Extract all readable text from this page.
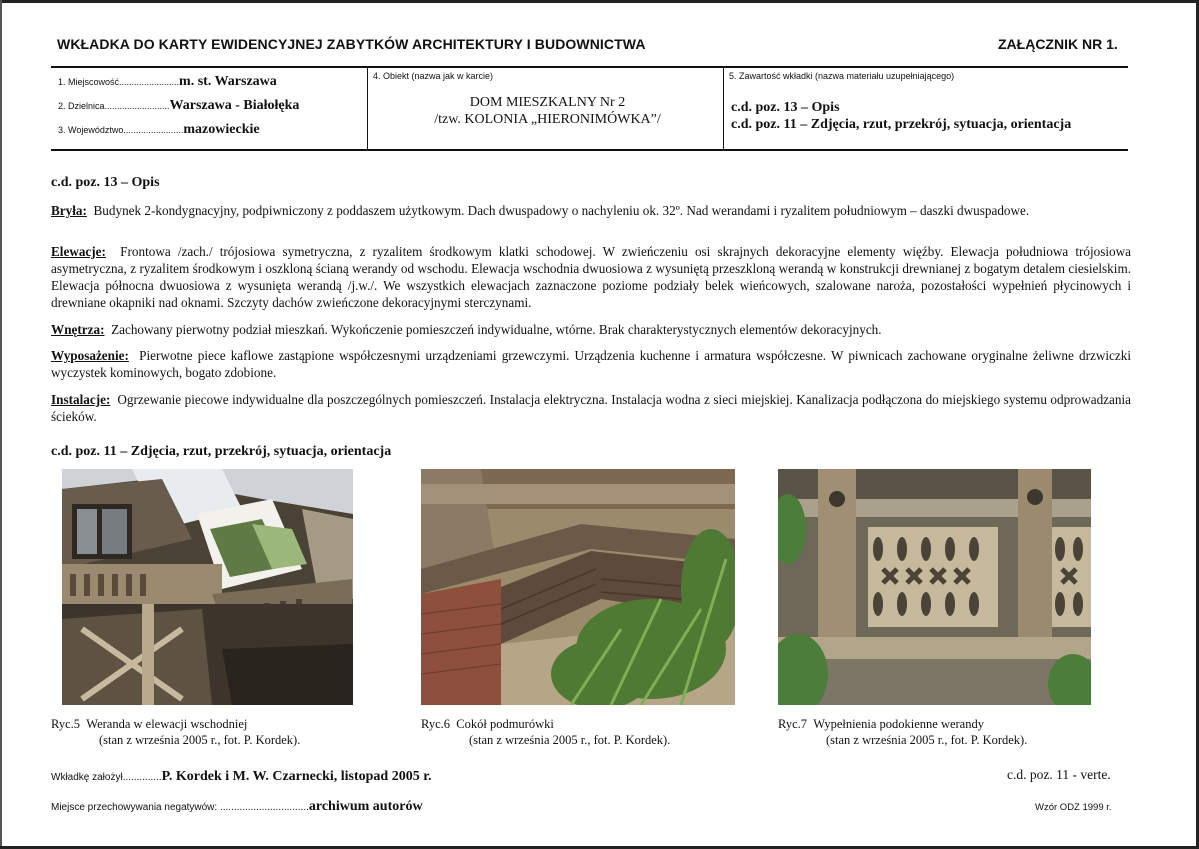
WKŁADKA DO KARTY EWIDENCYJNEJ ZABYTKÓW ARCHITEKTURY I BUDOWNICTWA	ZAŁĄCZNIK NR 1.
1. Miejscowość........................m. st. Warszawa
2. Dzielnica..........................Warszawa - Białołęka
3. Województwo........................mazowieckie
4. Obiekt (nazwa jak w karcie)
DOM MIESZKALNY Nr 2
/tzw. KOLONIA „HIERONIMÓWKA”/
5. Zawartość wkładki (nazwa materiału uzupełniającego)
c.d. poz. 13 – Opis
c.d. poz. 11 – Zdjęcia, rzut, przekrój, sytuacja, orientacja
c.d. poz. 13 – Opis
Bryła: Budynek 2-kondygnacyjny, podpiwniczony z poddaszem użytkowym. Dach dwuspadowy o nachyleniu ok. 32º. Nad werandami i ryzalitem południowym – daszki dwuspadowe.
Elewacje: Frontowa /zach./ trójosiowa symetryczna, z ryzalitem środkowym klatki schodowej. W zwieńczeniu osi skrajnych dekoracyjne elementy więźby. Elewacja południowa trójosiowa asymetryczna, z ryzalitem środkowym i oszkloną ścianą werandy od wschodu. Elewacja wschodnia dwuosiowa z wysuniętą przeszkloną werandą w konstrukcji drewnianej z bogatym detalem ciesielskim. Elewacja północna dwuosiowa z wysunięta werandą /j.w./. We wszystkich elewacjach zaznaczone poziome podziały belek wieńcowych, szalowane naroża, pozostałości wypełnień płycinowych i drewniane okapniki nad oknami. Szczyty dachów zwieńczone dekoracyjnymi sterczynami.
Wnętrza: Zachowany pierwotny podział mieszkań. Wykończenie pomieszczeń indywidualne, wtórne. Brak charakterystycznych elementów dekoracyjnych.
Wyposażenie: Pierwotne piece kaflowe zastąpione współczesnymi urządzeniami grzewczymi. Urządzenia kuchenne i armatura współczesne. W piwnicach zachowane oryginalne żeliwne drzwiczki wyczystek kominowych, bogato zdobione.
Instalacje: Ogrzewanie piecowe indywidualne dla poszczególnych pomieszczeń. Instalacja elektryczna. Instalacja wodna z sieci miejskiej. Kanalizacja podłączona do miejskiego systemu odprowadzania ścieków.
c.d. poz. 11 – Zdjęcia, rzut, przekrój, sytuacja, orientacja
Ryc.5 Weranda w elewacji wschodniej
(stan z września 2005 r., fot. P. Kordek).
Ryc.6 Cokół podmurówki
(stan z września 2005 r., fot. P. Kordek).
Ryc.7 Wypełnienia podokienne werandy
(stan z września 2005 r., fot. P. Kordek).
Wkładkę założył..............P. Kordek i M. W. Czarnecki, listopad 2005 r.
Miejsce przechowywania negatywów: ................................archiwum autorów
c.d. poz. 11 - verte.
Wzór ODZ 1999 r.
